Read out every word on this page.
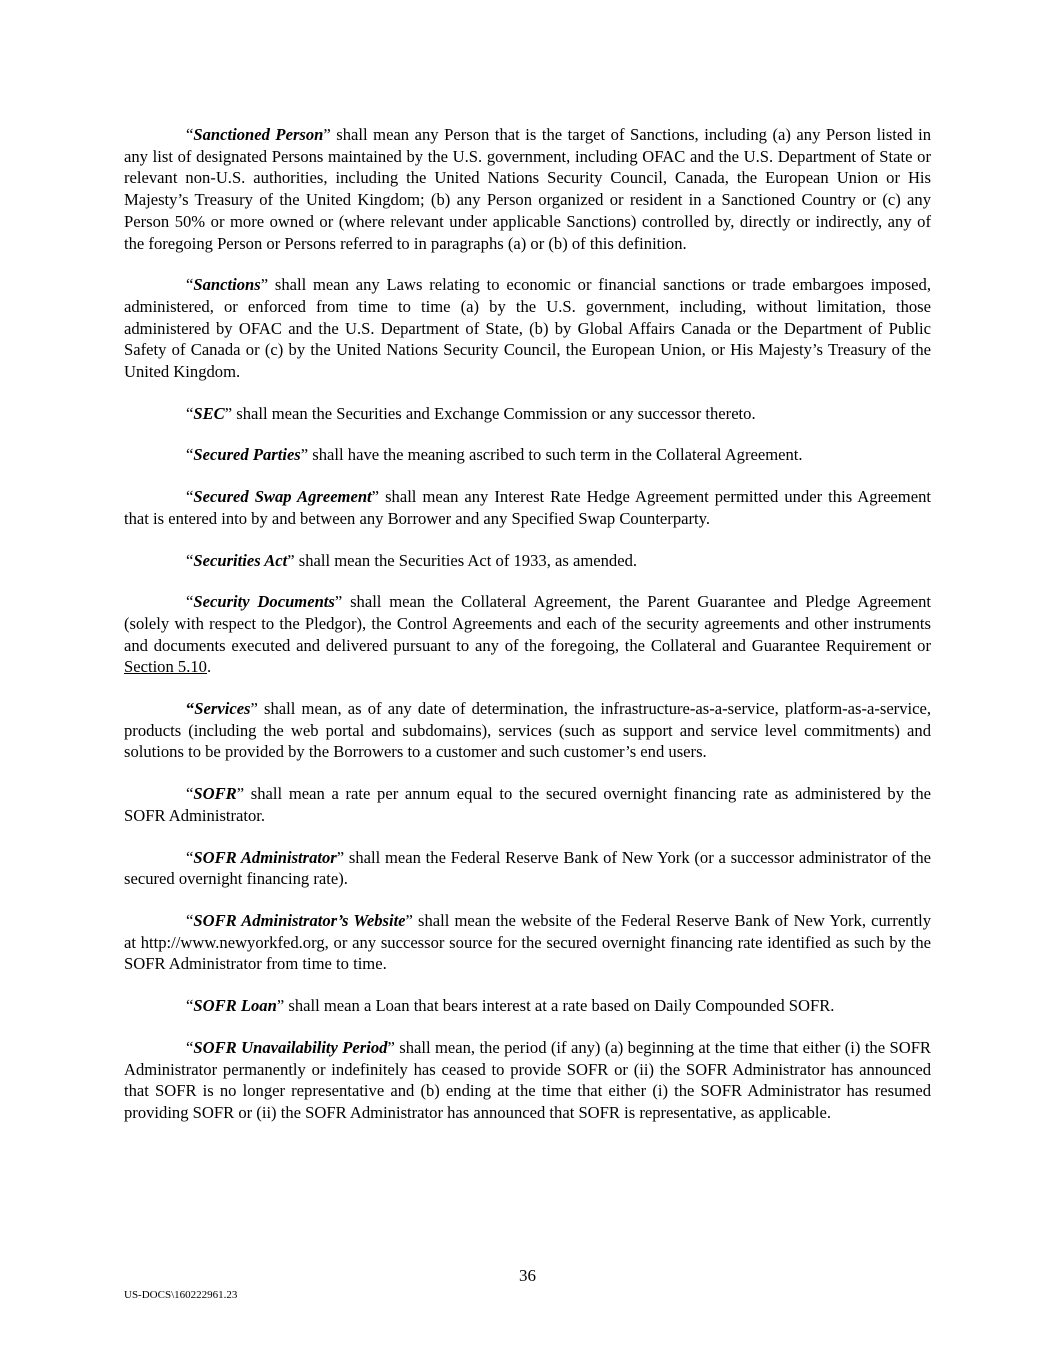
“Sanctioned Person” shall mean any Person that is the target of Sanctions, including (a) any Person listed in any list of designated Persons maintained by the U.S. government, including OFAC and the U.S. Department of State or relevant non-U.S. authorities, including the United Nations Security Council, Canada, the European Union or His Majesty’s Treasury of the United Kingdom; (b) any Person organized or resident in a Sanctioned Country or (c) any Person 50% or more owned or (where relevant under applicable Sanctions) controlled by, directly or indirectly, any of the foregoing Person or Persons referred to in paragraphs (a) or (b) of this definition.

“Sanctions” shall mean any Laws relating to economic or financial sanctions or trade embargoes imposed, administered, or enforced from time to time (a) by the U.S. government, including, without limitation, those administered by OFAC and the U.S. Department of State, (b) by Global Affairs Canada or the Department of Public Safety of Canada or (c) by the United Nations Security Council, the European Union, or His Majesty’s Treasury of the United Kingdom.

“SEC” shall mean the Securities and Exchange Commission or any successor thereto.

“Secured Parties” shall have the meaning ascribed to such term in the Collateral Agreement.

“Secured Swap Agreement” shall mean any Interest Rate Hedge Agreement permitted under this Agreement that is entered into by and between any Borrower and any Specified Swap Counterparty.

“Securities Act” shall mean the Securities Act of 1933, as amended.

“Security Documents” shall mean the Collateral Agreement, the Parent Guarantee and Pledge Agreement (solely with respect to the Pledgor), the Control Agreements and each of the security agreements and other instruments and documents executed and delivered pursuant to any of the foregoing, the Collateral and Guarantee Requirement or Section 5.10.

“Services” shall mean, as of any date of determination, the infrastructure-as-a-service, platform-as-a-service, products (including the web portal and subdomains), services (such as support and service level commitments) and solutions to be provided by the Borrowers to a customer and such customer’s end users.

“SOFR” shall mean a rate per annum equal to the secured overnight financing rate as administered by the SOFR Administrator.

“SOFR Administrator” shall mean the Federal Reserve Bank of New York (or a successor administrator of the secured overnight financing rate).

“SOFR Administrator’s Website” shall mean the website of the Federal Reserve Bank of New York, currently at http://www.newyorkfed.org, or any successor source for the secured overnight financing rate identified as such by the SOFR Administrator from time to time.

“SOFR Loan” shall mean a Loan that bears interest at a rate based on Daily Compounded SOFR.

“SOFR Unavailability Period” shall mean, the period (if any) (a) beginning at the time that either (i) the SOFR Administrator permanently or indefinitely has ceased to provide SOFR or (ii) the SOFR Administrator has announced that SOFR is no longer representative and (b) ending at the time that either (i) the SOFR Administrator has resumed providing SOFR or (ii) the SOFR Administrator has announced that SOFR is representative, as applicable.

36
US-DOCS\160222961.23
